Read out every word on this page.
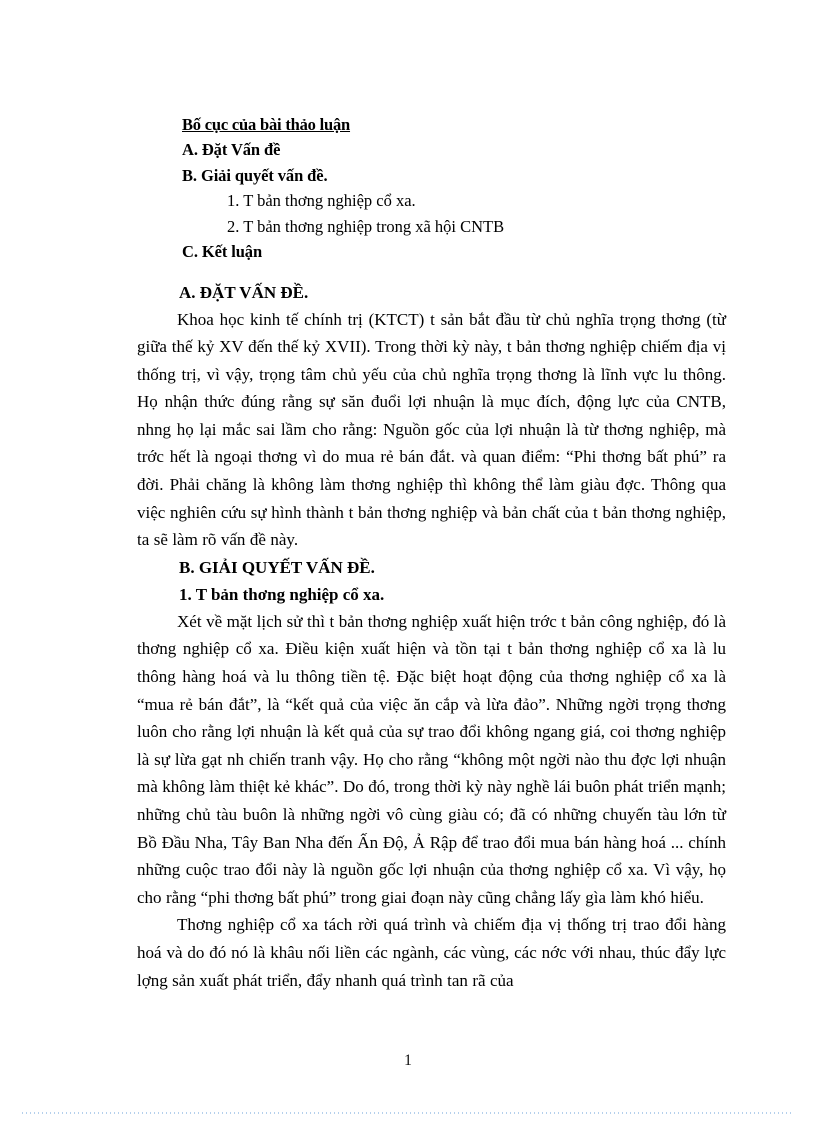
Bố cục của bài thảo luận
A. Đặt Vấn đề
B. Giải quyết vấn đề.
1. T bản thơng nghiệp cổ xa.
2. T bản thơng nghiệp trong xã hội CNTB
C. Kết luận
A. ĐẶT VẤN ĐỀ.

Khoa học kinh tế chính trị (KTCT) t sản bắt đầu từ chủ nghĩa trọng thơng (từ giữa thế kỷ XV đến thế kỷ XVII). Trong thời kỳ này, t bản thơng nghiệp chiếm địa vị thống trị, vì vậy, trọng tâm chủ yếu của chủ nghĩa trọng thơng là lĩnh vực lu thông. Họ nhận thức đúng rằng sự săn đuổi lợi nhuận là mục đích, động lực của CNTB, nhng họ lại mắc sai lầm cho rằng: Nguồn gốc của lợi nhuận là từ thơng nghiệp, mà trớc hết là ngoại thơng vì do mua rẻ bán đắt. và quan điểm: “Phi thơng bất phú” ra đời. Phải chăng là không làm thơng nghiệp thì không thể làm giàu đợc. Thông qua việc nghiên cứu sự hình thành t bản thơng nghiệp và bản chất của t bản thơng nghiệp, ta sẽ làm rõ vấn đề này.

B. GIẢI QUYẾT VẤN ĐỀ.
1. T bản thơng nghiệp cổ xa.

Xét về mặt lịch sử thì t bản thơng nghiệp xuất hiện trớc t bản công nghiệp, đó là thơng nghiệp cổ xa. Điều kiện xuất hiện và tồn tại t bản thơng nghiệp cổ xa là lu thông hàng hoá và lu thông tiền tệ. Đặc biệt hoạt động của thơng nghiệp cổ xa là “mua rẻ bán đắt”, là “kết quả của việc ăn cắp và lừa đảo”. Những ngời trọng thơng luôn cho rằng lợi nhuận là kết quả của sự trao đổi không ngang giá, coi thơng nghiệp là sự lừa gạt nh chiến tranh vậy. Họ cho rằng “không một ngời nào thu đợc lợi nhuận mà không làm thiệt kẻ khác”. Do đó, trong thời kỳ này nghề lái buôn phát triển mạnh; những chủ tàu buôn là những ngời vô cùng giàu có; đã có những chuyến tàu lớn từ Bồ Đầu Nha, Tây Ban Nha đến Ấn Độ, Ả Rập để trao đổi mua bán hàng hoá ... chính những cuộc trao đổi này là nguồn gốc lợi nhuận của thơng nghiệp cổ xa. Vì vậy, họ cho rằng “phi thơng bất phú” trong giai đoạn này cũng chẳng lấy gìa làm khó hiểu.

Thơng nghiệp cổ xa tách rời quá trình và chiếm địa vị thống trị trao đổi hàng hoá và do đó nó là khâu nối liền các ngành, các vùng, các nớc với nhau, thúc đẩy lực lợng sản xuất phát triển, đẩy nhanh quá trình tan rã của

1
